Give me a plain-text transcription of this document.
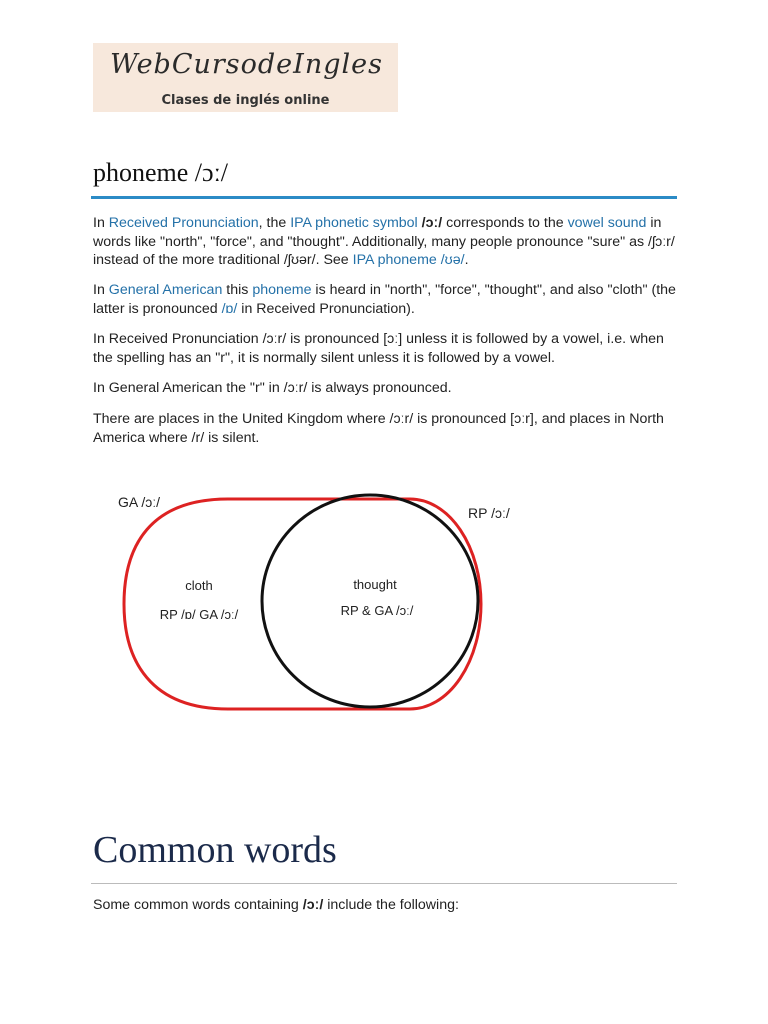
WebCursodeIngles
Clases de inglés online
phoneme /ɔː/
In Received Pronunciation, the IPA phonetic symbol /ɔː/ corresponds to the vowel sound in words like "north", "force", and "thought". Additionally, many people pronounce "sure" as /ʃɔːr/ instead of the more traditional /ʃʊər/. See IPA phoneme /ʊə/.
In General American this phoneme is heard in "north", "force", "thought", and also "cloth" (the latter is pronounced /ɒ/ in Received Pronunciation).
In Received Pronunciation /ɔːr/ is pronounced [ɔː] unless it is followed by a vowel, i.e. when the spelling has an "r", it is normally silent unless it is followed by a vowel.
In General American the "r" in /ɔːr/ is always pronounced.
There are places in the United Kingdom where /ɔːr/ is pronounced [ɔːr], and places in North America where /r/ is silent.
GA /ɔː/
RP /ɔː/
cloth
RP /ɒ/ GA /ɔː/
thought
RP & GA /ɔː/
Common words
Some common words containing /ɔː/ include the following:
